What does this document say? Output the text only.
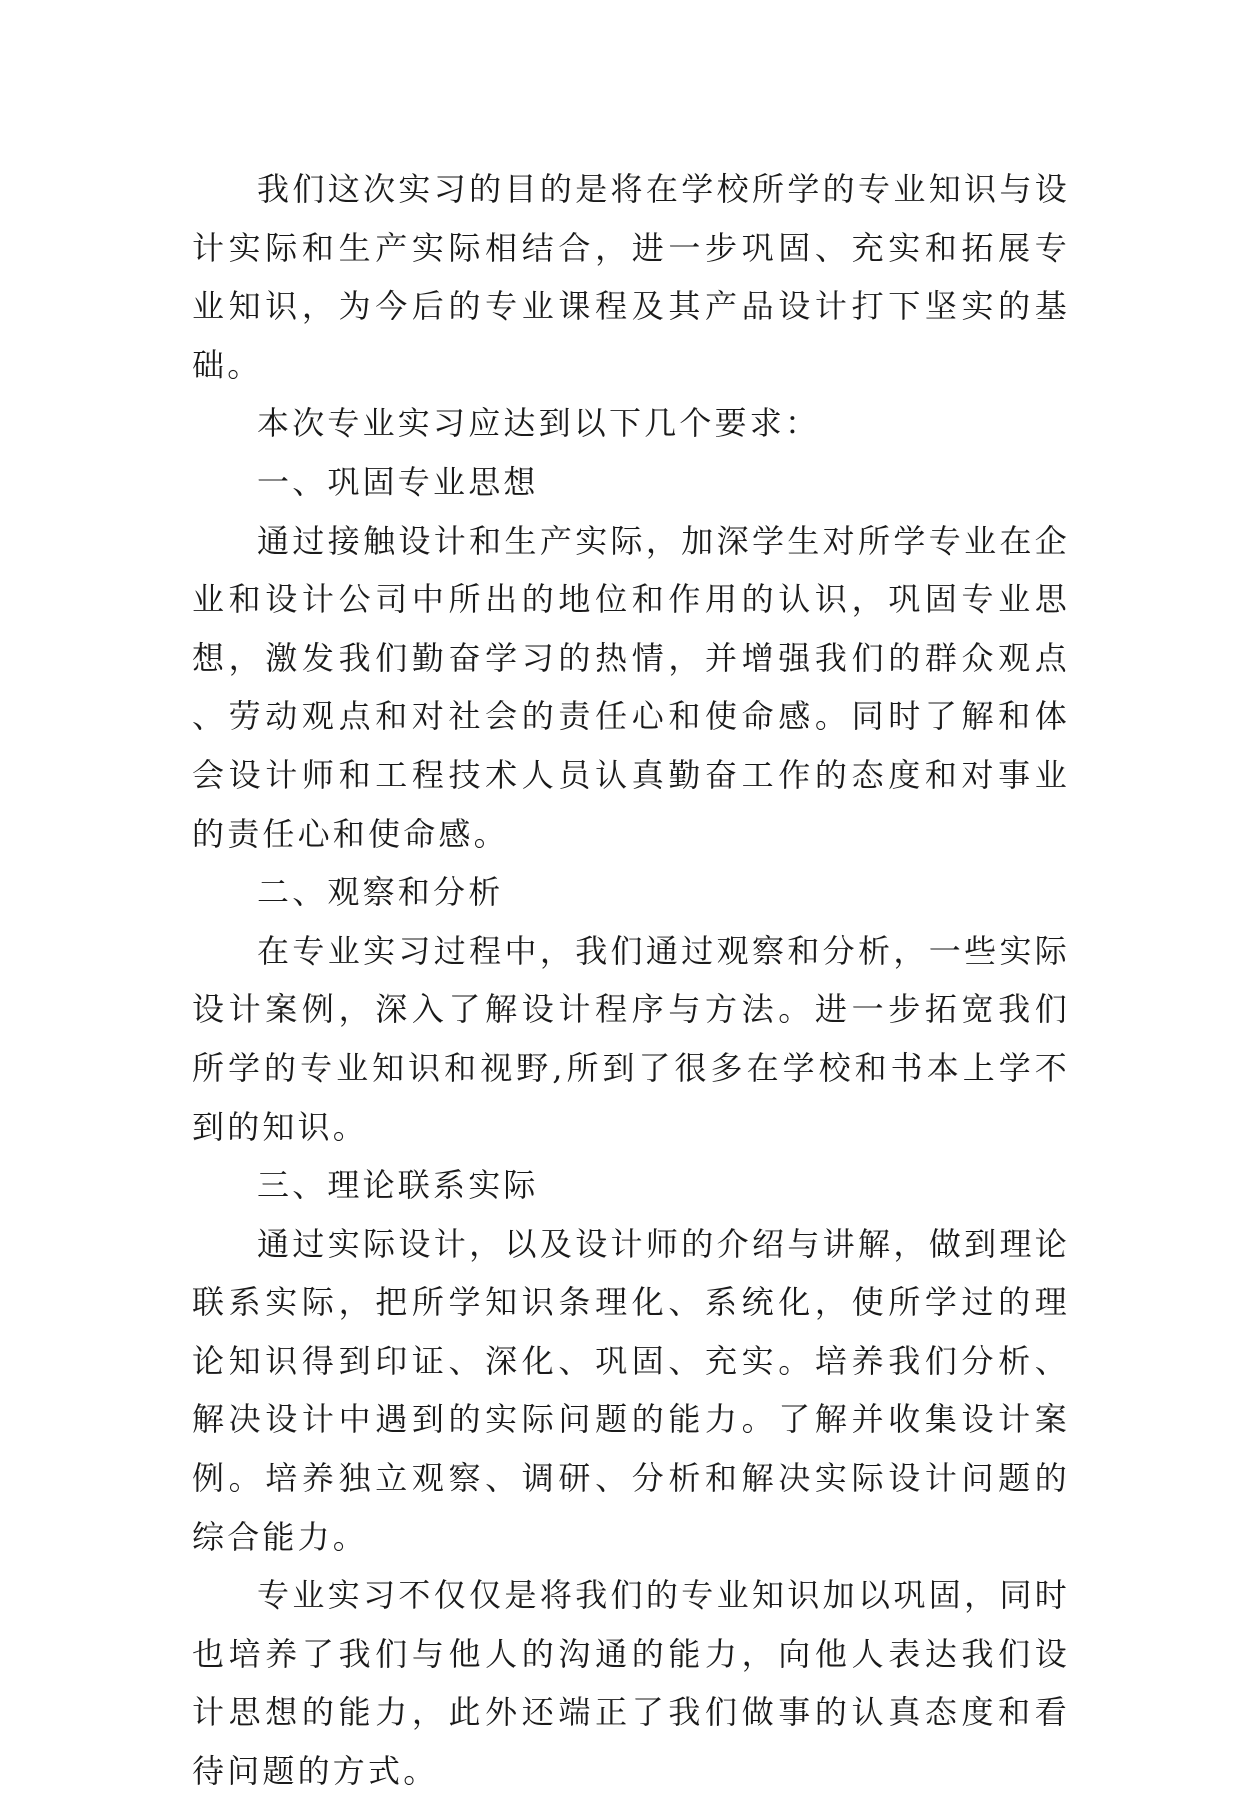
我们这次实习的目的是将在学校所学的专业知识与设计实际和生产实际相结合，进一步巩固、充实和拓展专业知识，为今后的专业课程及其产品设计打下坚实的基础。

本次专业实习应达到以下几个要求：

一、巩固专业思想

通过接触设计和生产实际，加深学生对所学专业在企业和设计公司中所出的地位和作用的认识，巩固专业思想，激发我们勤奋学习的热情，并增强我们的群众观点、劳动观点和对社会的责任心和使命感。同时了解和体会设计师和工程技术人员认真勤奋工作的态度和对事业的责任心和使命感。

二、观察和分析

在专业实习过程中，我们通过观察和分析，一些实际设计案例，深入了解设计程序与方法。进一步拓宽我们所学的专业知识和视野,所到了很多在学校和书本上学不到的知识。

三、理论联系实际

通过实际设计，以及设计师的介绍与讲解，做到理论联系实际，把所学知识条理化、系统化，使所学过的理论知识得到印证、深化、巩固、充实。培养我们分析、解决设计中遇到的实际问题的能力。了解并收集设计案例。培养独立观察、调研、分析和解决实际设计问题的综合能力。

专业实习不仅仅是将我们的专业知识加以巩固，同时也培养了我们与他人的沟通的能力，向他人表达我们设计思想的能力，此外还端正了我们做事的认真态度和看待问题的方式。
